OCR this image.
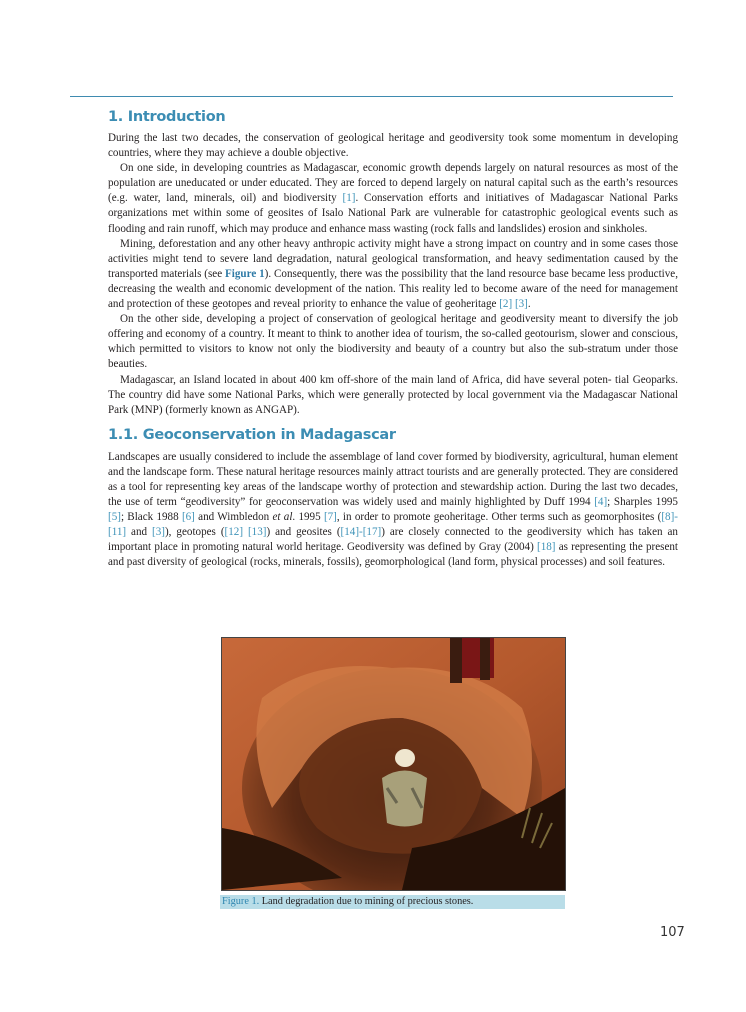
1. Introduction

During the last two decades, the conservation of geological heritage and geodiversity took some momentum in developing countries, where they may achieve a double objective.

On one side, in developing countries as Madagascar, economic growth depends largely on natural resources as most of the population are uneducated or under educated. They are forced to depend largely on natural capital such as the earth’s resources (e.g. water, land, minerals, oil) and biodiversity [1]. Conservation efforts and initiatives of Madagascar National Parks organizations met within some of geosites of Isalo National Park are vulnerable for catastrophic geological events such as flooding and rain runoff, which may produce and enhance mass wasting (rock falls and landslides) erosion and sinkholes.

Mining, deforestation and any other heavy anthropic activity might have a strong impact on country and in some cases those activities might tend to severe land degradation, natural geological transformation, and heavy sedimentation caused by the transported materials (see Figure 1). Consequently, there was the possibility that the land resource base became less productive, decreasing the wealth and economic development of the nation. This reality led to become aware of the need for management and protection of these geotopes and reveal priority to enhance the value of geoheritage [2] [3].

On the other side, developing a project of conservation of geological heritage and geodiversity meant to diversify the job offering and economy of a country. It meant to think to another idea of tourism, the so-called geotourism, slower and conscious, which permitted to visitors to know not only the biodiversity and beauty of a country but also the sub-stratum under those beauties.

Madagascar, an Island located in about 400 km off-shore of the main land of Africa, did have several poten- tial Geoparks. The country did have some National Parks, which were generally protected by local government via the Madagascar National Park (MNP) (formerly known as ANGAP).

1.1. Geoconservation in Madagascar

Landscapes are usually considered to include the assemblage of land cover formed by biodiversity, agricultural, human element and the landscape form. These natural heritage resources mainly attract tourists and are generally protected. They are considered as a tool for representing key areas of the landscape worthy of protection and stewardship action. During the last two decades, the use of term “geodiversity” for geoconservation was widely used and mainly highlighted by Duff 1994 [4]; Sharples 1995 [5]; Black 1988 [6] and Wimbledon et al. 1995 [7], in order to promote geoheritage. Other terms such as geomorphosites ([8]-[11] and [3]), geotopes ([12] [13]) and geosites ([14]-[17]) are closely connected to the geodiversity which has taken an important place in promoting natural world heritage. Geodiversity was defined by Gray (2004) [18] as representing the present and past diversity of geological (rocks, minerals, fossils), geomorphological (land form, physical processes) and soil features.

Figure 1. Land degradation due to mining of precious stones.
107
